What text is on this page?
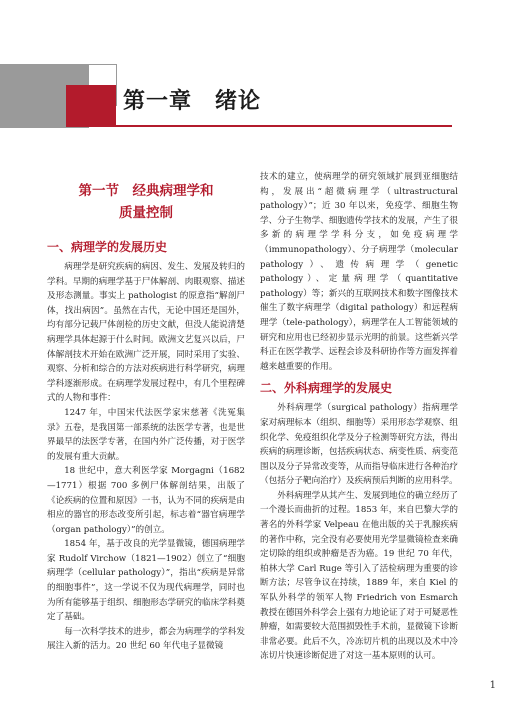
第一章　绪论
第一节　经典病理学和
质量控制
一、病理学的发展历史

病理学是研究疾病的病因、发生、发展及转归的学科。早期的病理学基于尸体解剖、肉眼观察、描述及形态测量。事实上 pathologist 的原意指“解剖尸体，找出病因”。虽然在古代，无论中国还是国外，均有部分记载尸体剖检的历史文献，但没人能说清楚病理学具体起源于什么时间。欧洲文艺复兴以后，尸体解剖技术开始在欧洲广泛开展，同时采用了实验、观察、分析和综合的方法对疾病进行科学研究，病理学科逐渐形成。在病理学发展过程中，有几个里程碑式的人物和事件：

1247 年，中国宋代法医学家宋慈著《洗冤集录》五卷，是我国第一部系统的法医学专著，也是世界最早的法医学专著，在国内外广泛传播，对于医学的发展有重大贡献。

18 世纪中，意大利医学家 Morgagni（1682—1771）根据 700 多例尸体解剖结果，出版了《论疾病的位置和原因》一书，认为不同的疾病是由相应的器官的形态改变所引起，标志着“器官病理学（organ pathology）”的创立。

1854 年，基于改良的光学显微镜，德国病理学家 Rudolf Virchow（1821—1902）创立了“细胞病理学（cellular pathology）”，指出“疾病是异常的细胞事件”，这一学说不仅为现代病理学，同时也为所有能够基于组织、细胞形态学研究的临床学科奠定了基础。

每一次科学技术的进步，都会为病理学的学科发展注入新的活力。20 世纪 60 年代电子显微镜

技术的建立，使病理学的研究领域扩展到亚细胞结构，发展出“超微病理学（ultrastructural pathology）”；近 30 年以来，免疫学、细胞生物学、分子生物学、细胞遗传学技术的发展，产生了很多新的病理学学科分支，如免疫病理学（immunopathology）、分子病理学（molecular pathology）、遗传病理学（genetic pathology）、定量病理学（quantitative pathology）等；新兴的互联网技术和数字图像技术催生了数字病理学（digital pathology）和远程病理学（tele-pathology），病理学在人工智能领域的研究和应用也已经初步显示光明的前景。这些新兴学科正在医学教学、远程会诊及科研协作等方面发挥着越来越重要的作用。

二、外科病理学的发展史

外科病理学（surgical pathology）指病理学家对病理标本（组织、细胞等）采用形态学观察、组织化学、免疫组织化学及分子检测等研究方法，得出疾病的病理诊断，包括疾病状态、病变性质、病变范围以及分子异常改变等，从而指导临床进行各种治疗（包括分子靶向治疗）及疾病预后判断的应用科学。

外科病理学从其产生、发展到地位的确立经历了一个漫长而曲折的过程。1853 年，来自巴黎大学的著名的外科学家 Velpeau 在他出版的关于乳腺疾病的著作中称，完全没有必要使用光学显微镜检查来确定切除的组织或肿瘤是否为癌。19 世纪 70 年代，柏林大学 Carl Ruge 等引入了活检病理为重要的诊断方法；尽管争议在持续，1889 年，来自 Kiel 的军队外科学的领军人物 Friedrich von Esmarch 教授在德国外科学会上强有力地论证了对于可疑恶性肿瘤，如需要较大范围损毁性手术前，显微镜下诊断非常必要。此后不久，冷冻切片机的出现以及术中冷冻切片快速诊断促进了对这一基本原则的认可。

1
